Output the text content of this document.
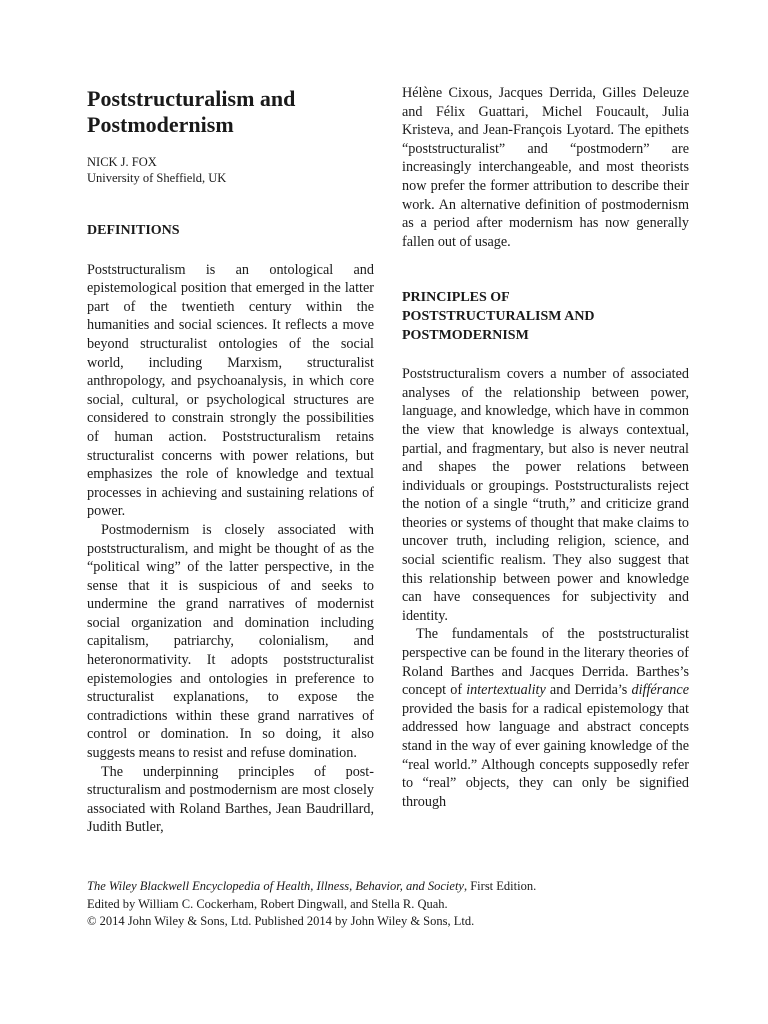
Poststructuralism and
Postmodernism
NICK J. FOX
University of Sheffield, UK
DEFINITIONS

Poststructuralism is an ontological and epistemological position that emerged in the latter part of the twentieth century within the humanities and social sciences. It reflects a move beyond structuralist ontologies of the social world, including Marxism, structuralist anthropology, and psychoanalysis, in which core social, cultural, or psychological structures are considered to constrain strongly the possibilities of human action. Poststructuralism retains structuralist concerns with power relations, but emphasizes the role of knowledge and textual processes in achieving and sustaining relations of power.

Postmodernism is closely associated with poststructuralism, and might be thought of as the “political wing” of the latter perspective, in the sense that it is suspicious of and seeks to undermine the grand narratives of modernist social organization and domination including capitalism, patriarchy, colonialism, and heteronormativity. It adopts poststructuralist epistemologies and ontologies in preference to structuralist explanations, to expose the contradictions within these grand narratives of control or domination. In so doing, it also suggests means to resist and refuse domination.

The underpinning principles of poststructuralism and postmodernism are most closely associated with Roland Barthes, Jean Baudrillard, Judith Butler,

Hélène Cixous, Jacques Derrida, Gilles Deleuze and Félix Guattari, Michel Foucault, Julia Kristeva, and Jean-François Lyotard. The epithets “poststructuralist” and “postmodern” are increasingly interchangeable, and most theorists now prefer the former attribution to describe their work. An alternative definition of postmodernism as a period after modernism has now generally fallen out of usage.

PRINCIPLES OF
POSTSTRUCTURALISM AND
POSTMODERNISM

Poststructuralism covers a number of associated analyses of the relationship between power, language, and knowledge, which have in common the view that knowledge is always contextual, partial, and fragmentary, but also is never neutral and shapes the power relations between individuals or groupings. Poststructuralists reject the notion of a single “truth,” and criticize grand theories or systems of thought that make claims to uncover truth, including religion, science, and social scientific realism. They also suggest that this relationship between power and knowledge can have consequences for subjectivity and identity.

The fundamentals of the poststructuralist perspective can be found in the literary theories of Roland Barthes and Jacques Derrida. Barthes’s concept of intertextuality and Derrida’s différance provided the basis for a radical epistemology that addressed how language and abstract concepts stand in the way of ever gaining knowledge of the “real world.” Although concepts supposedly refer to “real” objects, they can only be signified through

The Wiley Blackwell Encyclopedia of Health, Illness, Behavior, and Society, First Edition.
Edited by William C. Cockerham, Robert Dingwall, and Stella R. Quah.
© 2014 John Wiley & Sons, Ltd. Published 2014 by John Wiley & Sons, Ltd.
